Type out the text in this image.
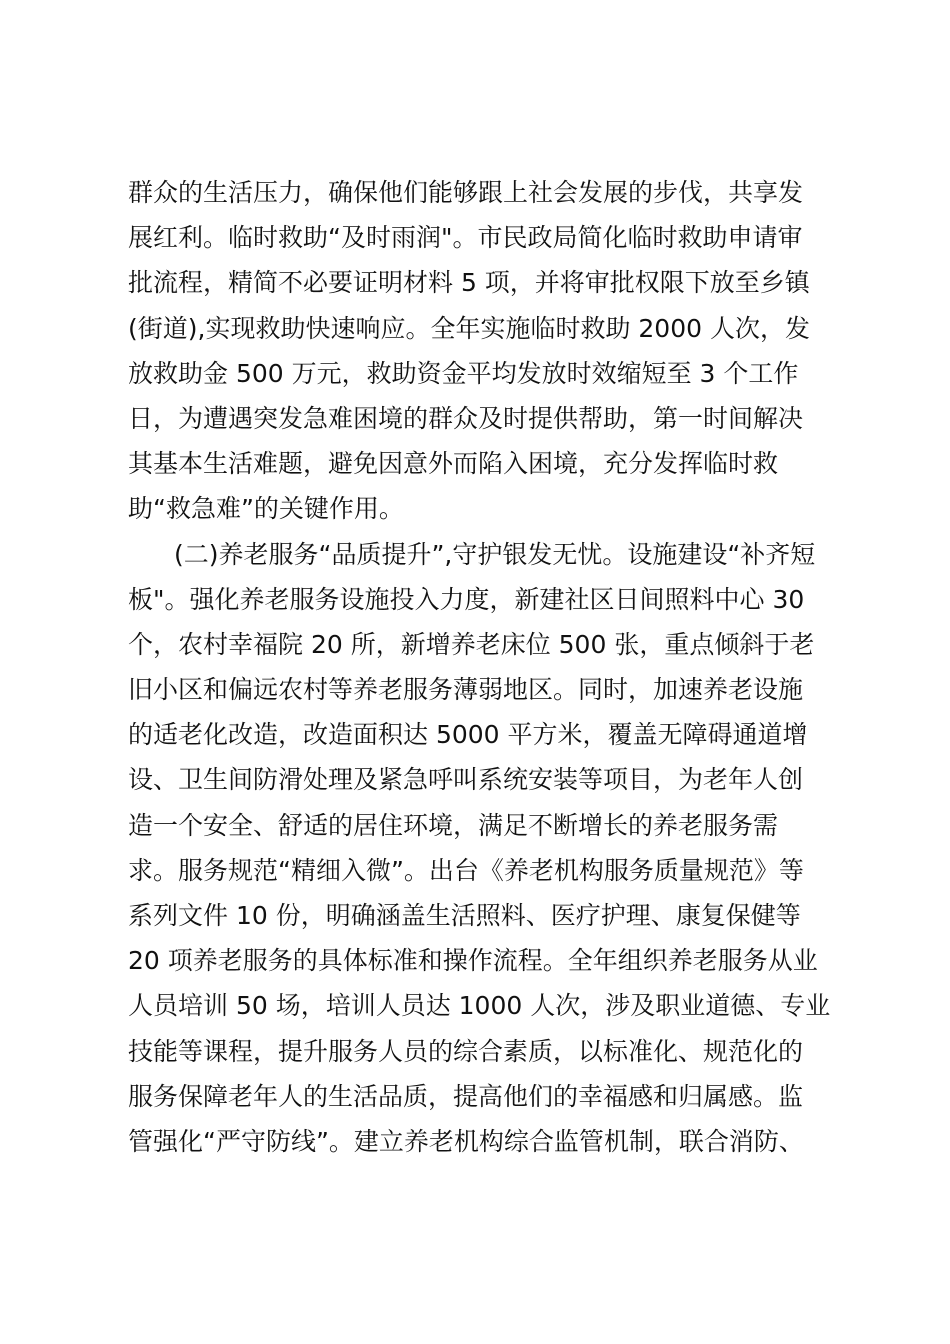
群众的生活压力，确保他们能够跟上社会发展的步伐，共享发
展红利。临时救助“及时雨润"。市民政局简化临时救助申请审
批流程，精简不必要证明材料 5 项，并将审批权限下放至乡镇
(街道),实现救助快速响应。全年实施临时救助 2000 人次，发
放救助金 500 万元，救助资金平均发放时效缩短至 3 个工作
日，为遭遇突发急难困境的群众及时提供帮助，第一时间解决
其基本生活难题，避免因意外而陷入困境，充分发挥临时救
助“救急难”的关键作用。
(二)养老服务“品质提升”,守护银发无忧。设施建设“补齐短
板"。强化养老服务设施投入力度，新建社区日间照料中心 30
个，农村幸福院 20 所，新增养老床位 500 张，重点倾斜于老
旧小区和偏远农村等养老服务薄弱地区。同时，加速养老设施
的适老化改造，改造面积达 5000 平方米，覆盖无障碍通道增
设、卫生间防滑处理及紧急呼叫系统安装等项目，为老年人创
造一个安全、舒适的居住环境，满足不断增长的养老服务需
求。服务规范“精细入微”。出台《养老机构服务质量规范》等
系列文件 10 份，明确涵盖生活照料、医疗护理、康复保健等
20 项养老服务的具体标准和操作流程。全年组织养老服务从业
人员培训 50 场，培训人员达 1000 人次，涉及职业道德、专业
技能等课程，提升服务人员的综合素质，以标准化、规范化的
服务保障老年人的生活品质，提高他们的幸福感和归属感。监
管强化“严守防线”。建立养老机构综合监管机制，联合消防、
